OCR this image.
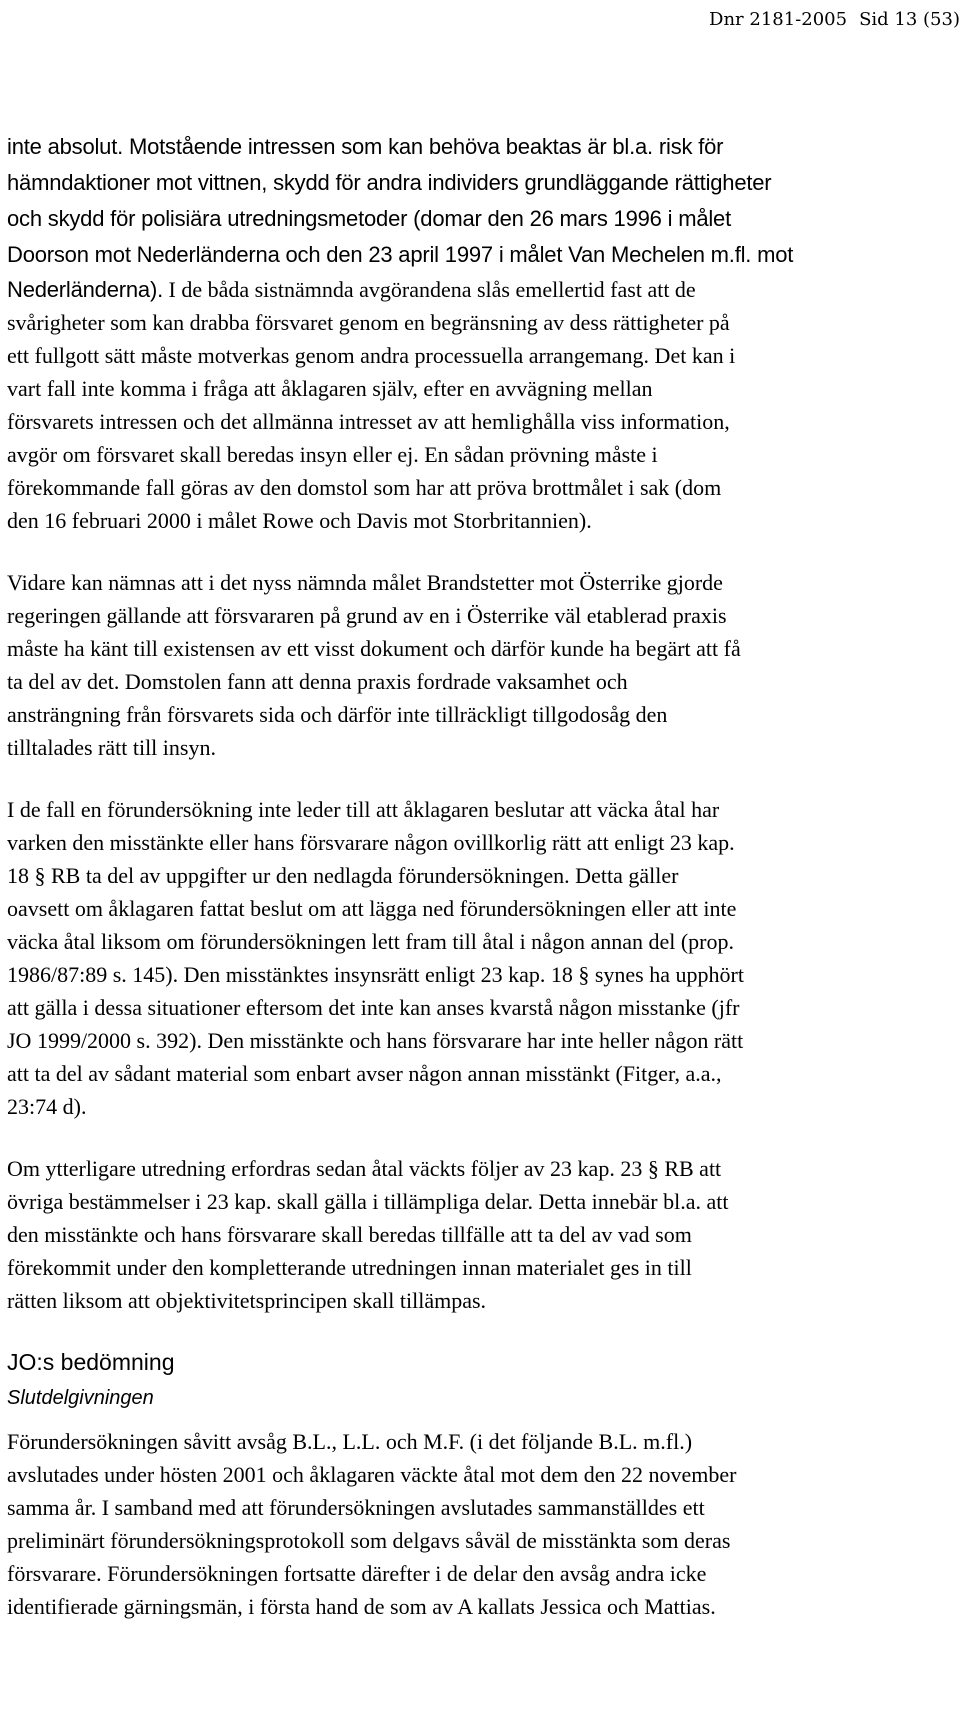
Dnr 2181-2005 Sid 13 (53)
inte absolut. Motstående intressen som kan behöva beaktas är bl.a. risk för
hämndaktioner mot vittnen, skydd för andra individers grundläggande rättigheter
och skydd för polisiära utredningsmetoder (domar den 26 mars 1996 i målet
Doorson mot Nederländerna och den 23 april 1997 i målet Van Mechelen m.fl. mot
Nederländerna). I de båda sistnämnda avgörandena slås emellertid fast att de
svårigheter som kan drabba försvaret genom en begränsning av dess rättigheter på
ett fullgott sätt måste motverkas genom andra processuella arrangemang. Det kan i
vart fall inte komma i fråga att åklagaren själv, efter en avvägning mellan
försvarets intressen och det allmänna intresset av att hemlighålla viss information,
avgör om försvaret skall beredas insyn eller ej. En sådan prövning måste i
förekommande fall göras av den domstol som har att pröva brottmålet i sak (dom
den 16 februari 2000 i målet Rowe och Davis mot Storbritannien).
Vidare kan nämnas att i det nyss nämnda målet Brandstetter mot Österrike gjorde
regeringen gällande att försvararen på grund av en i Österrike väl etablerad praxis
måste ha känt till existensen av ett visst dokument och därför kunde ha begärt att få
ta del av det. Domstolen fann att denna praxis fordrade vaksamhet och
ansträngning från försvarets sida och därför inte tillräckligt tillgodosåg den
tilltalades rätt till insyn.
I de fall en förundersökning inte leder till att åklagaren beslutar att väcka åtal har
varken den misstänkte eller hans försvarare någon ovillkorlig rätt att enligt 23 kap.
18 § RB ta del av uppgifter ur den nedlagda förundersökningen. Detta gäller
oavsett om åklagaren fattat beslut om att lägga ned förundersökningen eller att inte
väcka åtal liksom om förundersökningen lett fram till åtal i någon annan del (prop.
1986/87:89 s. 145). Den misstänktes insynsrätt enligt 23 kap. 18 § synes ha upphört
att gälla i dessa situationer eftersom det inte kan anses kvarstå någon misstanke (jfr
JO 1999/2000 s. 392). Den misstänkte och hans försvarare har inte heller någon rätt
att ta del av sådant material som enbart avser någon annan misstänkt (Fitger, a.a.,
23:74 d).
Om ytterligare utredning erfordras sedan åtal väckts följer av 23 kap. 23 § RB att
övriga bestämmelser i 23 kap. skall gälla i tillämpliga delar. Detta innebär bl.a. att
den misstänkte och hans försvarare skall beredas tillfälle att ta del av vad som
förekommit under den kompletterande utredningen innan materialet ges in till
rätten liksom att objektivitetsprincipen skall tillämpas.
JO:s bedömning
Slutdelgivningen
Förundersökningen såvitt avsåg B.L., L.L. och M.F. (i det följande B.L. m.fl.)
avslutades under hösten 2001 och åklagaren väckte åtal mot dem den 22 november
samma år. I samband med att förundersökningen avslutades sammanställdes ett
preliminärt förundersökningsprotokoll som delgavs såväl de misstänkta som deras
försvarare. Förundersökningen fortsatte därefter i de delar den avsåg andra icke
identifierade gärningsmän, i första hand de som av A kallats Jessica och Mattias.
